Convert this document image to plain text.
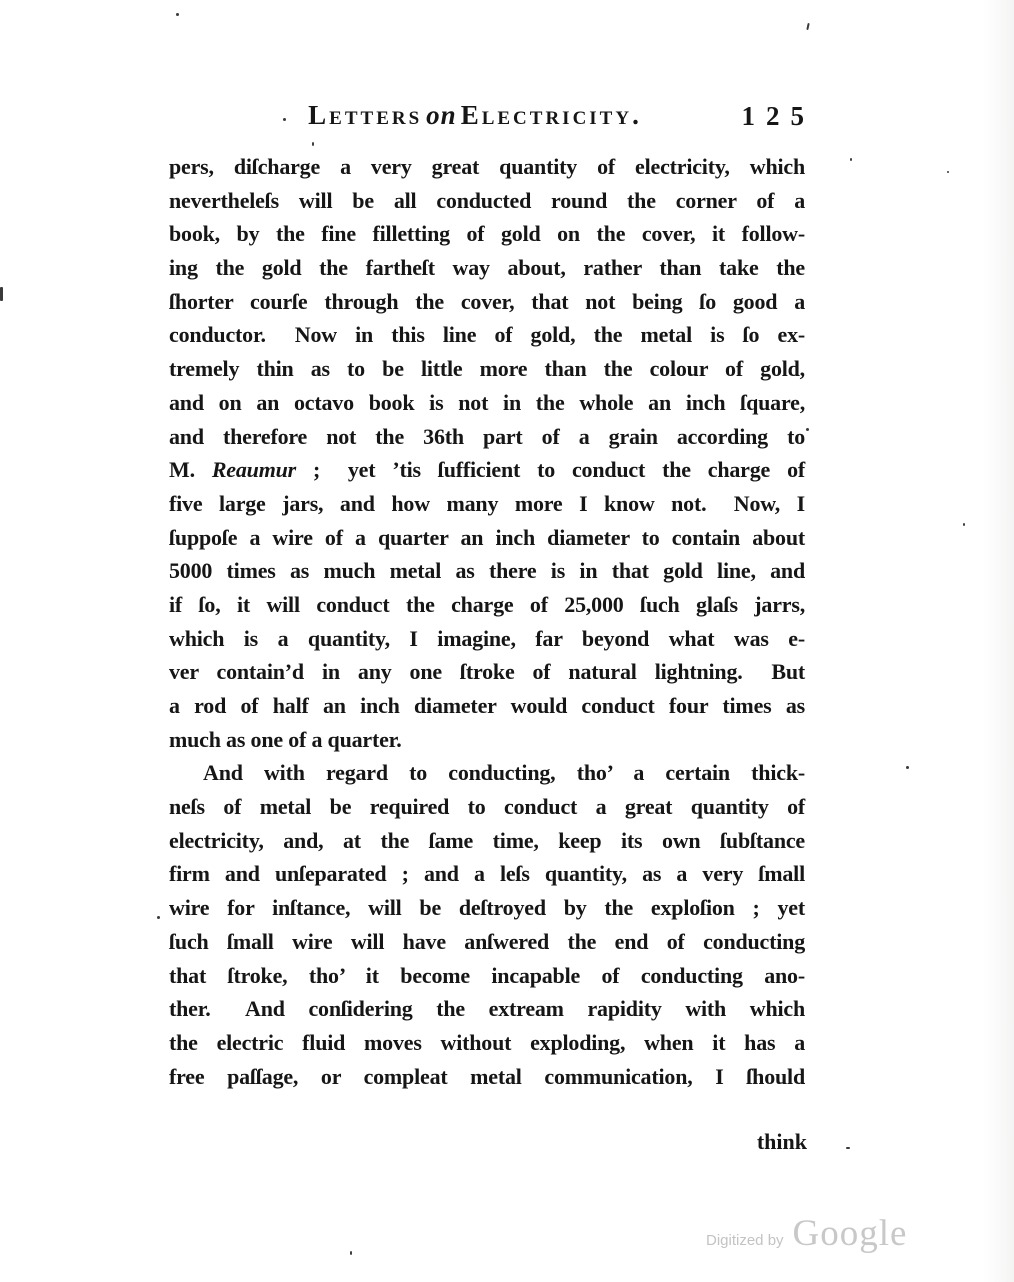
Letters on Electricity.	125
pers, diſcharge a very great quantity of electricity, which
nevertheleſs will be all conducted round the corner of a
book, by the fine filletting of gold on the cover, it follow-
ing the gold the fartheſt way about, rather than take the
ſhorter courſe through the cover, that not being ſo good a
conductor.  Now in this line of gold, the metal is ſo ex-
tremely thin as to be little more than the colour of gold,
and on an octavo book is not in the whole an inch ſquare,
and therefore not the 36th part of a grain according to
M. Reaumur ;  yet ’tis ſufficient to conduct the charge of
five large jars, and how many more I know not.  Now, I
ſuppoſe a wire of a quarter an inch diameter to contain about
5000 times as much metal as there is in that gold line, and
if ſo, it will conduct the charge of 25,000 ſuch glaſs jarrs,
which is a quantity, I imagine, far beyond what was e-
ver contain’d in any one ſtroke of natural lightning.  But
a rod of half an inch diameter would conduct four times as
much as one of a quarter.
And with regard to conducting, tho’ a certain thick-
neſs of metal be required to conduct a great quantity of
electricity, and, at the ſame time, keep its own ſubſtance
firm and unſeparated ; and a leſs quantity, as a very ſmall
wire for inſtance, will be deſtroyed by the exploſion ; yet
ſuch ſmall wire will have anſwered the end of conducting
that ſtroke, tho’ it become incapable of conducting ano-
ther.  And conſidering the extream rapidity with which
the electric fluid moves without exploding, when it has a
free paſſage, or compleat metal communication, I ſhould
think
Digitized by Google
